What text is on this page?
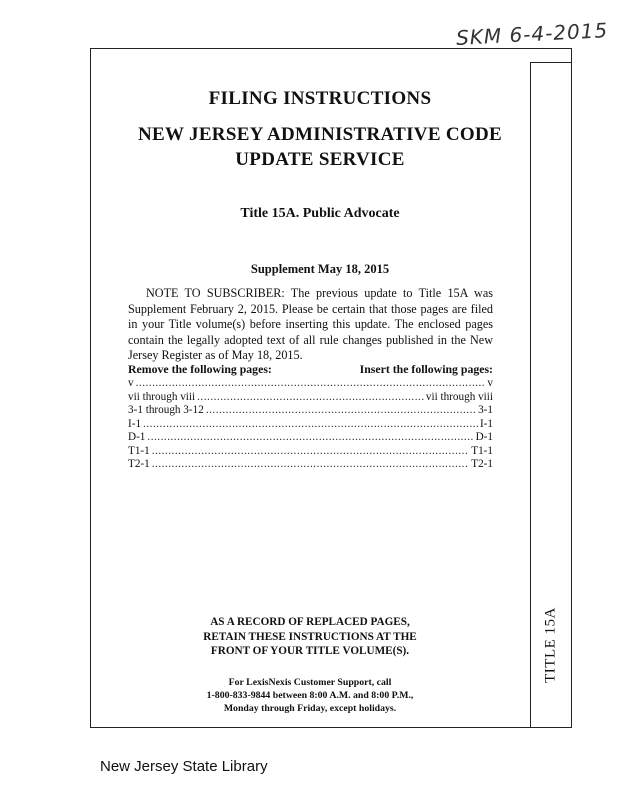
SKM 6-4-2015
TITLE 15A
FILING INSTRUCTIONS
NEW JERSEY ADMINISTRATIVE CODE
UPDATE SERVICE
Title 15A. Public Advocate
Supplement May 18, 2015
NOTE TO SUBSCRIBER: The previous update to Title 15A was Supplement February 2, 2015. Please be certain that those pages are filed in your Title volume(s) before inserting this update. The enclosed pages contain the legally adopted text of all rule changes published in the New Jersey Register as of May 18, 2015.
Remove the following pages:	Insert the following pages:
v .....	v
vii through viii .....	vii through viii
3-1 through 3-12 .....	3-1
I-1 .....	I-1
D-1 .....	D-1
T1-1 .....	T1-1
T2-1 .....	T2-1
AS A RECORD OF REPLACED PAGES,
RETAIN THESE INSTRUCTIONS AT THE
FRONT OF YOUR TITLE VOLUME(S).
For LexisNexis Customer Support, call
1-800-833-9844 between 8:00 A.M. and 8:00 P.M.,
Monday through Friday, except holidays.
New Jersey State Library
